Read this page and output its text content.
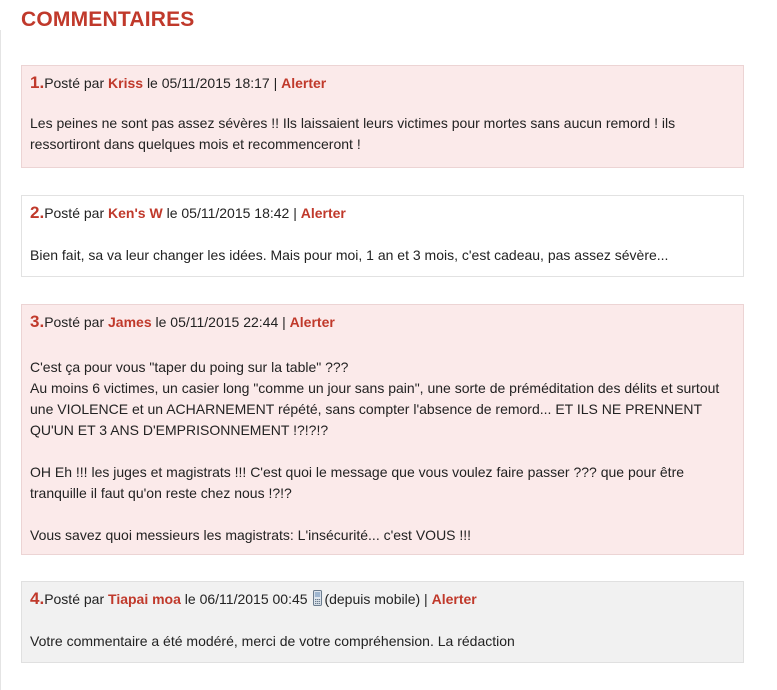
COMMENTAIRES
1.Posté par Kriss le 05/11/2015 18:17 | Alerter

Les peines ne sont pas assez sévères !! Ils laissaient leurs victimes pour mortes sans aucun remord ! ils ressortiront dans quelques mois et recommenceront !

2.Posté par Ken's W le 05/11/2015 18:42 | Alerter

Bien fait, sa va leur changer les idées. Mais pour moi, 1 an et 3 mois, c'est cadeau, pas assez sévère...

3.Posté par James le 05/11/2015 22:44 | Alerter

C'est ça pour vous "taper du poing sur la table" ???

Au moins 6 victimes, un casier long "comme un jour sans pain", une sorte de préméditation des délits et surtout une VIOLENCE et un ACHARNEMENT répété, sans compter l'absence de remord... ET ILS NE PRENNENT QU'UN ET 3 ANS D'EMPRISONNEMENT !?!?!?

OH Eh !!! les juges et magistrats !!! C'est quoi le message que vous voulez faire passer ??? que pour être tranquille il faut qu'on reste chez nous !?!?

Vous savez quoi messieurs les magistrats: L'insécurité... c'est VOUS !!!

4.Posté par Tiapai moa le 06/11/2015 00:45 (depuis mobile) | Alerter

Votre commentaire a été modéré, merci de votre compréhension. La rédaction
